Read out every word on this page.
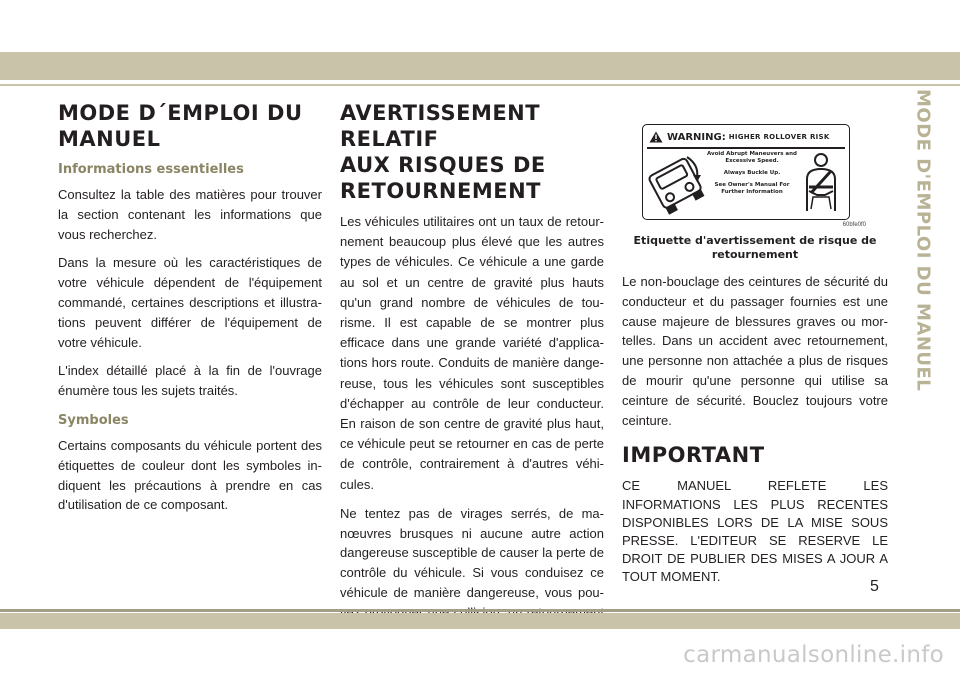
MODE D´EMPLOI DU
MANUEL
Informations essentielles

Consultez la table des matières pour trouver la section contenant les informations que vous recherchez.

Dans la mesure où les caractéristiques de votre véhicule dépendent de l'équipement commandé, certaines descriptions et illustra-tions peuvent différer de l'équipement de votre véhicule.

L'index détaillé placé à la fin de l'ouvrage énumère tous les sujets traités.

Symboles

Certains composants du véhicule portent des étiquettes de couleur dont les symboles in-diquent les précautions à prendre en cas d'utilisation de ce composant.

AVERTISSEMENT RELATIF
AUX RISQUES DE
RETOURNEMENT

Les véhicules utilitaires ont un taux de retour-nement beaucoup plus élevé que les autres types de véhicules. Ce véhicule a une garde au sol et un centre de gravité plus hauts qu'un grand nombre de véhicules de tou-risme. Il est capable de se montrer plus efficace dans une grande variété d'applica-tions hors route. Conduits de manière dange-reuse, tous les véhicules sont susceptibles d'échapper au contrôle de leur conducteur. En raison de son centre de gravité plus haut, ce véhicule peut se retourner en cas de perte de contrôle, contrairement à d'autres véhi-cules.

Ne tentez pas de virages serrés, de ma-nœuvres brusques ni aucune autre action dangereuse susceptible de causer la perte de contrôle du véhicule. Si vous conduisez ce véhicule de manière dangereuse, vous pou-

WARNING: HIGHER ROLLOVER RISK
Avoid Abrupt Maneuvers and Excessive Speed.
Always Buckle Up.
See Owner's Manual For Further Information
60bfe0f0
Etiquette d'avertissement de risque de retournement

Le non-bouclage des ceintures de sécurité du conducteur et du passager fournies est une cause majeure de blessures graves ou mor-telles. Dans un accident avec retournement, une personne non attachée a plus de risques de mourir qu'une personne qui utilise sa ceinture de sécurité. Bouclez toujours votre ceinture.

IMPORTANT

CE MANUEL REFLETE LES INFORMATIONS LES PLUS RECENTES DISPONIBLES LORS DE LA MISE SOUS PRESSE. L'EDITEUR SE RESERVE LE DROIT DE PUBLIER DES MISES A JOUR A TOUT MOMENT.

MODE D'EMPLOI DU MANUEL
5
carmanualsonline.info
